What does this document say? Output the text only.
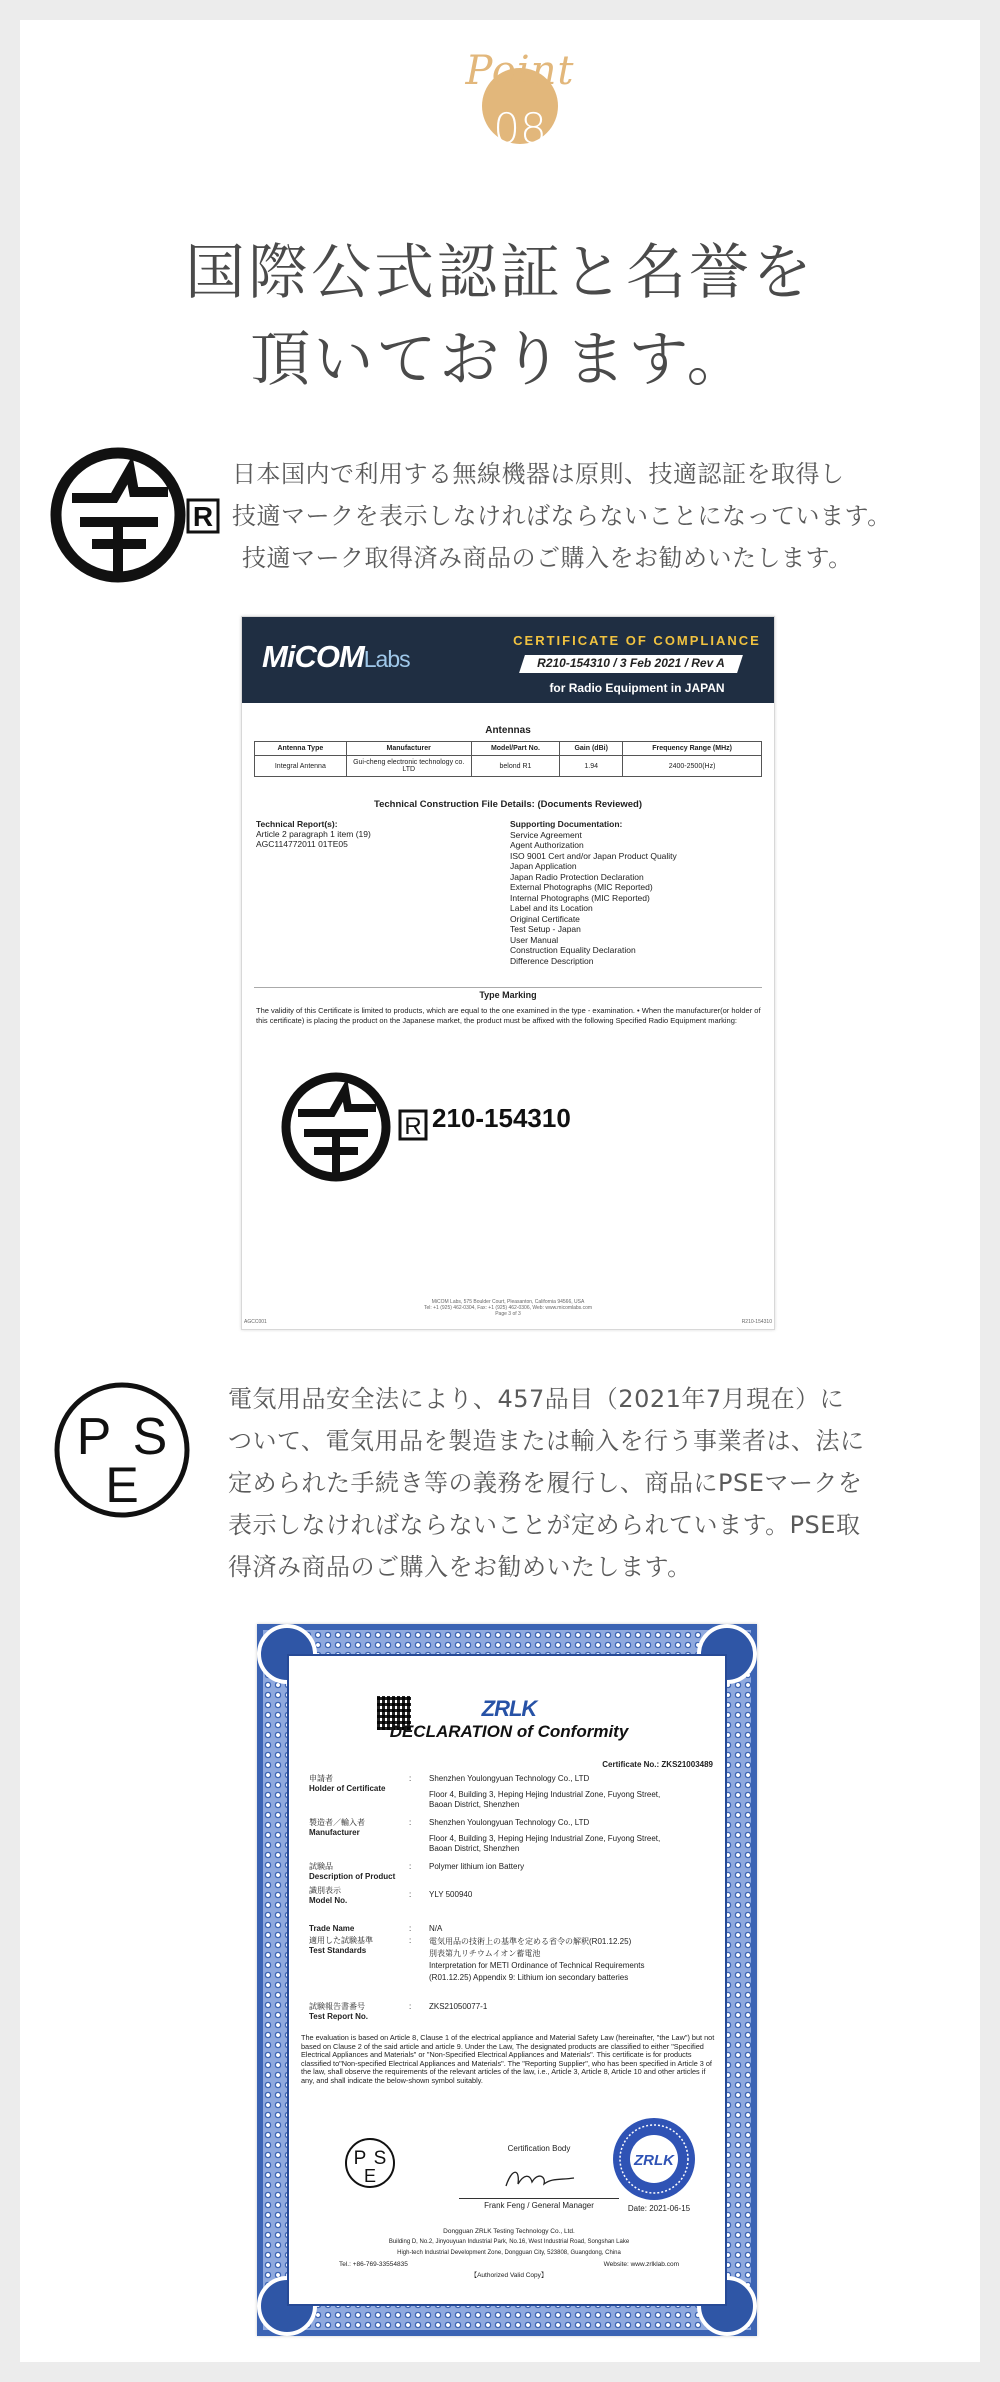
Point
08
国際公式認証と名誉を
頂いております。
R
日本国内で利用する無線機器は原則、技適認証を取得し
技適マークを表示しなければならないことになっています。
技適マーク取得済み商品のご購入をお勧めいたします。
MiCOMLabs
CERTIFICATE OF COMPLIANCE
R210-154310 / 3 Feb 2021 / Rev A
for Radio Equipment in JAPAN
Antennas
Antenna Type	Manufacturer	Model/Part No.	Gain (dBi)	Frequency Range (MHz)
Integral Antenna	Gui-cheng electronic technology co. LTD	belond R1	1.94	2400-2500(Hz)
Technical Construction File Details: (Documents Reviewed)
Technical Report(s):
Article 2 paragraph 1 item (19)
AGC114772011 01TE05
Supporting Documentation:
Service Agreement
Agent Authorization
ISO 9001 Cert and/or Japan Product Quality
Japan Application
Japan Radio Protection Declaration
External Photographs (MIC Reported)
Internal Photographs (MIC Reported)
Label and its Location
Original Certificate
Test Setup - Japan
User Manual
Construction Equality Declaration
Difference Description
Type Marking
The validity of this Certificate is limited to products, which are equal to the one examined in the type - examination. • When the manufacturer(or holder of this certificate) is placing the product on the Japanese market, the product must be affixed with the following Specified Radio Equipment marking:
R 210-154310
MiCOM Labs, 575 Boulder Court, Pleasanton, California 94566, USA
Tel: +1 (925) 462-0304, Fax: +1 (925) 462-0306, Web: www.micomlabs.com
Page 3 of 3
AGCC001	R210-154310
P S
E
電気用品安全法により、457品目（2021年7月現在）に
ついて、電気用品を製造または輸入を行う事業者は、法に
定められた手続き等の義務を履行し、商品にPSEマークを
表示しなければならないことが定められています。PSE取
得済み商品のご購入をお勧めいたします。
ZRLK
DECLARATION of Conformity
Certificate No.: ZKS21003489
申請者
Holder of Certificate
:	Shenzhen Youlongyuan Technology Co., LTD
Floor 4, Building 3, Heping Hejing Industrial Zone, Fuyong Street,
Baoan District, Shenzhen
製造者／輸入者
Manufacturer
:	Shenzhen Youlongyuan Technology Co., LTD
Floor 4, Building 3, Heping Hejing Industrial Zone, Fuyong Street,
Baoan District, Shenzhen
試験品
Description of Product
:	Polymer lithium ion Battery
識別表示
Model No.
:	YLY 500940
Trade Name	:	N/A
適用した試験基準
Test Standards
:	電気用品の技術上の基準を定める省令の解釈(R01.12.25)
別表第九リチウムイオン蓄電池
Interpretation for METI Ordinance of Technical Requirements
(R01.12.25) Appendix 9: Lithium ion secondary batteries
試験報告書番号
Test Report No.
:	ZKS21050077-1
The evaluation is based on Article 8, Clause 1 of the electrical appliance and Material Safety Law (hereinafter, "the Law") but not based on Clause 2 of the said article and article 9. Under the Law, The designated products are classified to either "Specified Electrical Appliances and Materials" or "Non-Specified Electrical Appliances and Materials". This certificate is for products classified to"Non-specified Electrical Appliances and Materials". The "Reporting Supplier", who has been specified in Article 3 of the law, shall observe the requirements of the relevant articles of the law, i.e., Article 3, Article 8, Article 10 and other articles if any, and shall indicate the below-shown symbol suitably.
P S
E
Certification Body
Frank Feng / General Manager
ZRLK
Date: 2021-06-15
Dongguan ZRLK Testing Technology Co., Ltd.
Building D, No.2, Jinyouyuan Industrial Park, No.16, West Industrial Road, Songshan Lake
High-tech Industrial Development Zone, Dongguan City, 523808, Guangdong, China
Website: www.zrlklab.com
Tel.: +86-769-33554835
【Authorized Valid Copy】
